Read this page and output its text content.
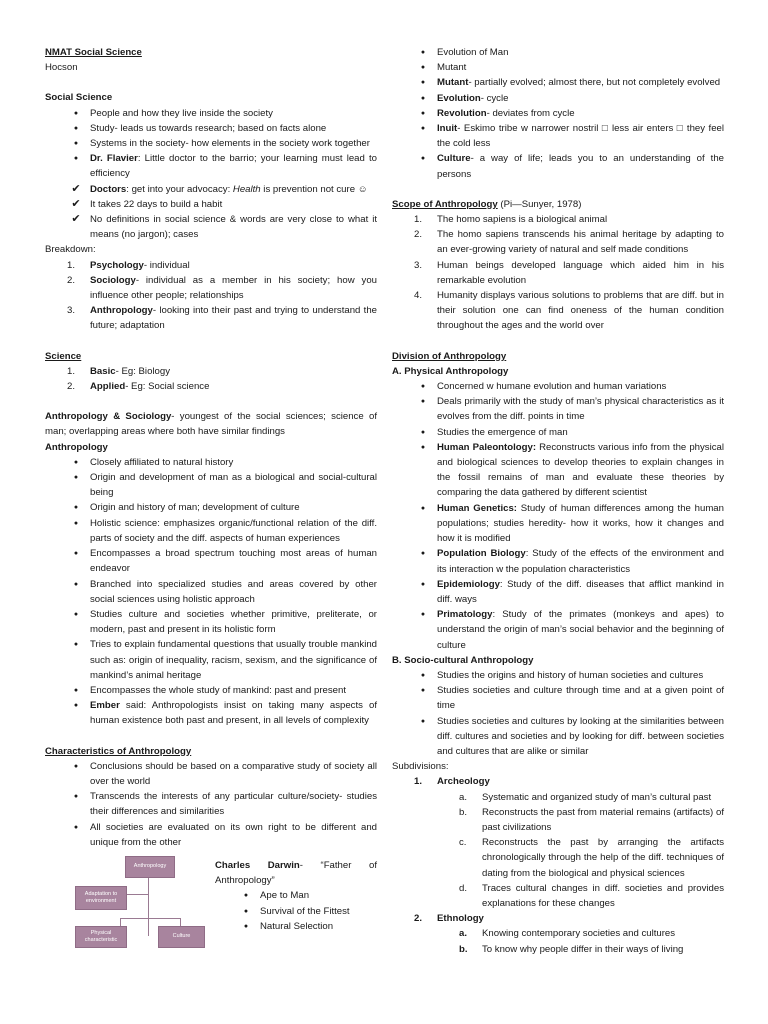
NMAT Social Science
Hocson
Social Science
●	People and how they live inside the society
●	Study- leads us towards research; based on facts alone
●	Systems in the society- how elements in the society work together
●	Dr. Flavier: Little doctor to the barrio; your learning must lead to efficiency
✔ Doctors: get into your advocacy: Health is prevention not cure ☺
✔ It takes 22 days to build a habit
✔ No definitions in social science & words are very close to what it means (no jargon); cases
Breakdown:
1.	Psychology- individual
2.	Sociology- individual as a member in his society; how you influence other people; relationships
3.	Anthropology- looking into their past and trying to understand the future; adaptation
Science
1.	Basic- Eg: Biology
2.	Applied- Eg: Social science
Anthropology & Sociology- youngest of the social sciences; science of man; overlapping areas where both have similar findings
Anthropology
●	Closely affiliated to natural history
●	Origin and development of man as a biological and social-cultural being
●	Origin and history of man; development of culture
●	Holistic science: emphasizes organic/functional relation of the diff. parts of society and the diff. aspects of human experiences
●	Encompasses a broad spectrum touching most areas of human endeavor
●	Branched into specialized studies and areas covered by other social sciences using holistic approach
●	Studies culture and societies whether primitive, preliterate, or modern, past and present in its holistic form
●	Tries to explain fundamental questions that usually trouble mankind such as: origin of inequality, racism, sexism, and the significance of mankind’s animal heritage
●	Encompasses the whole study of mankind: past and present
●	Ember said: Anthropologists insist on taking many aspects of human existence both past and present, in all levels of complexity
Characteristics of Anthropology
●	Conclusions should be based on a comparative study of society all over the world
●	Transcends the interests of any particular culture/society- studies their differences and similarities
●	All societies are evaluated on its own right to be different and unique from the other
Anthropology
Adaptation to environment
Physical characteristic
Culture
Charles Darwin- “Father of Anthropology”
●	Ape to Man
●	Survival of the Fittest
●	Natural Selection
●	Evolution of Man
●	Mutant
●	Mutant- partially evolved; almost there, but not completely evolved
●	Evolution- cycle
●	Revolution- deviates from cycle
●	Inuit- Eskimo tribe w narrower nostril □ less air enters □ they feel the cold less
●	Culture- a way of life; leads you to an understanding of the persons
Scope of Anthropology (Pi—Sunyer, 1978)
1.	The homo sapiens is a biological animal
2.	The homo sapiens transcends his animal heritage by adapting to an ever-growing variety of natural and self made conditions
3.	Human beings developed language which aided him in his remarkable evolution
4.	Humanity displays various solutions to problems that are diff. but in their solution one can find oneness of the human condition throughout the ages and the world over
Division of Anthropology
A. Physical Anthropology
●	Concerned w humane evolution and human variations
●	Deals primarily with the study of man’s physical characteristics as it evolves from the diff. points in time
●	Studies the emergence of man
●	Human Paleontology: Reconstructs various info from the physical and biological sciences to develop theories to explain changes in the fossil remains of man and evaluate these theories by comparing the data gathered by different scientist
●	Human Genetics: Study of human differences among the human populations; studies heredity- how it works, how it changes and how it is modified
●	Population Biology: Study of the effects of the environment and its interaction w the population characteristics
●	Epidemiology: Study of the diff. diseases that afflict mankind in diff. ways
●	Primatology: Study of the primates (monkeys and apes) to understand the origin of man’s social behavior and the beginning of culture
B. Socio-cultural Anthropology
●	Studies the origins and history of human societies and cultures
●	Studies societies and culture through time and at a given point of time
●	Studies societies and cultures by looking at the similarities between diff. cultures and societies and by looking for diff. between societies and cultures that are alike or similar
Subdivisions:
1.	Archeology
a.	Systematic and organized study of man’s cultural past
b.	Reconstructs the past from material remains (artifacts) of past civilizations
c.	Reconstructs the past by arranging the artifacts chronologically through the help of the diff. techniques of dating from the biological and physical sciences
d.	Traces cultural changes in diff. societies and provides explanations for these changes
2.	Ethnology
a.	Knowing contemporary societies and cultures
b.	To know why people differ in their ways of living
